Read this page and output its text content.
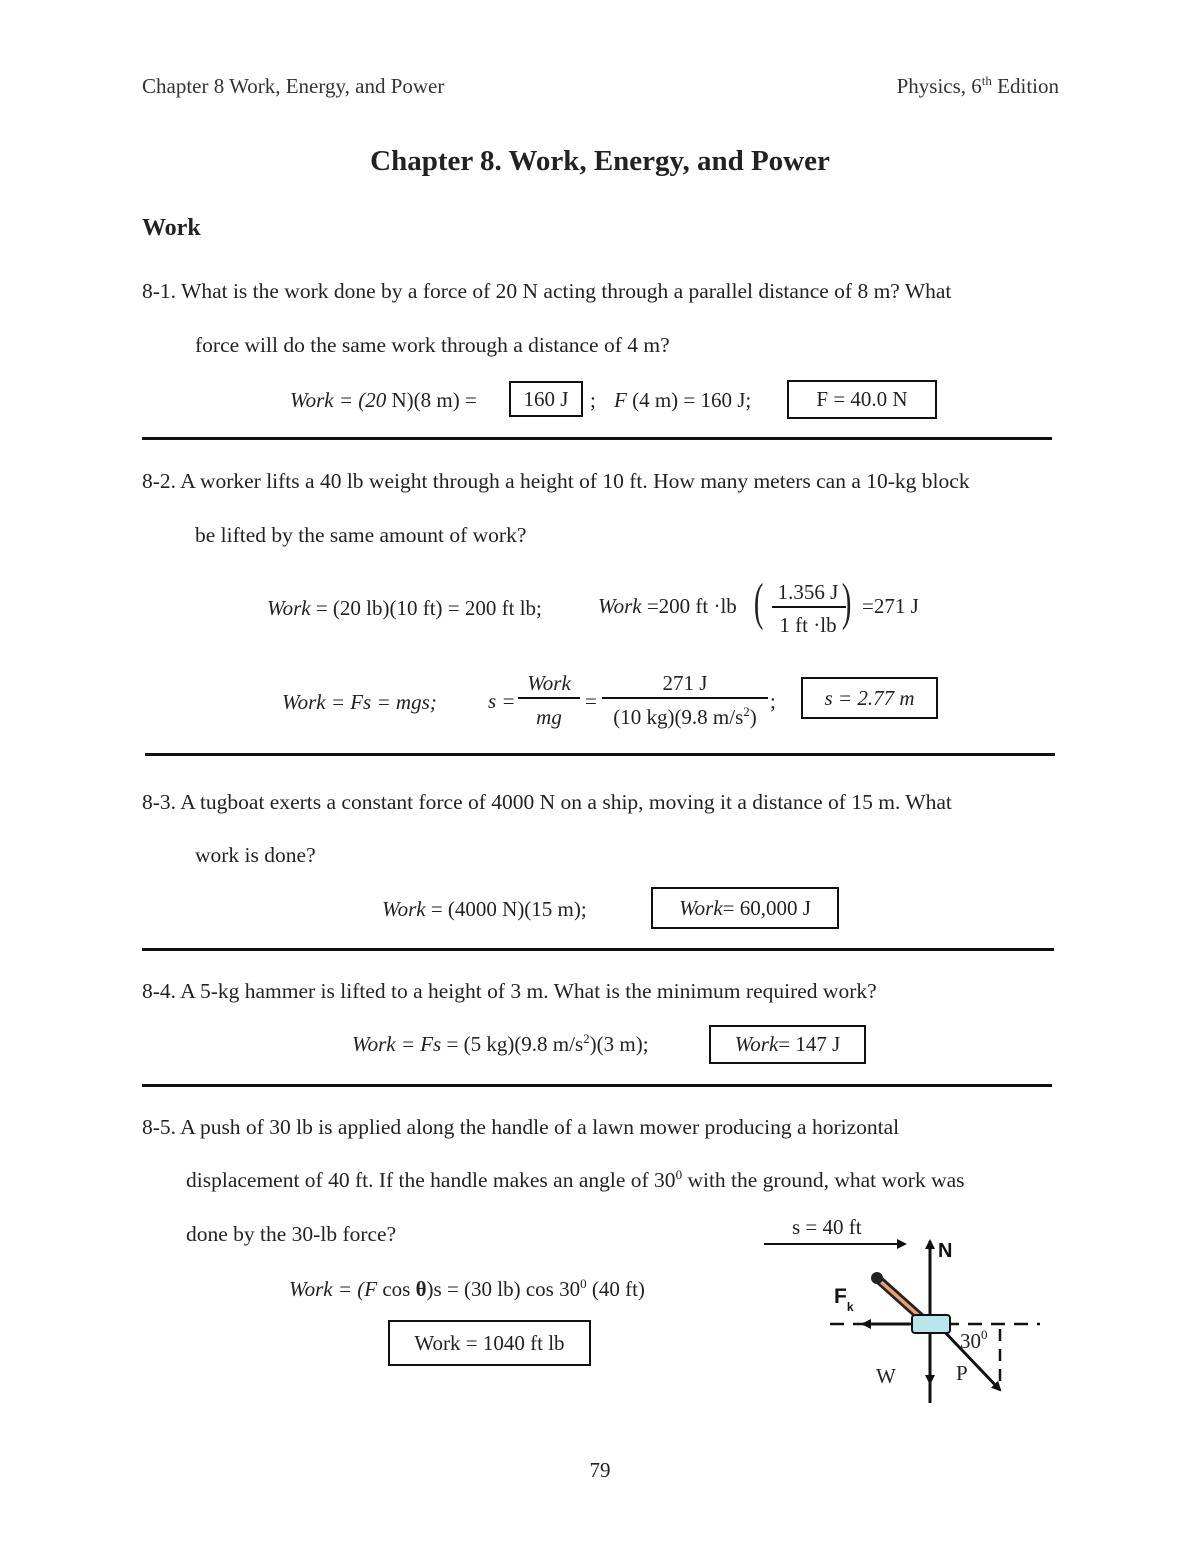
Chapter 8 Work, Energy, and Power	Physics, 6th Edition
Chapter 8. Work, Energy, and Power
Work
8-1. What is the work done by a force of 20 N acting through a parallel distance of 8 m? What
force will do the same work through a distance of 4 m?
Work = (20 N)(8 m) =	160 J	; F (4 m) = 160 J;	F = 40.0 N
8-2. A worker lifts a 40 lb weight through a height of 10 ft. How many meters can a 10-kg block
be lifted by the same amount of work?
Work = (20 lb)(10 ft) = 200 ft lb;	Work =200 ft ·lb ( 1.356 J
1 ft ·lb ) =271 J
Work = Fs = mgs; s =
Work
mg
=
271 J
(10 kg)(9.8 $m/s^2$)
;	s = 2.77 m
8-3. A tugboat exerts a constant force of 4000 N on a ship, moving it a distance of 15 m. What
work is done?
Work = (4000 N)(15 m);	Work = 60,000 J
8-4. A 5-kg hammer is lifted to a height of 3 m. What is the minimum required work?
Work = Fs = (5 kg)(9.8 $m/s^2)(3$ m);	Work = 147 J
8-5. A push of 30 lb is applied along the handle of a lawn mower producing a horizontal
displacement of 40 ft. If the handle makes an angle of $30^0$ with the ground, what work was
done by the 30-lb force?
Work = (F cos θ)s = (30 lb) $\cos 30^0$ (40 ft)
Work = 1040 ft lb
s = 40 ft
N
$F_k$
$30^0$
W	P
79
